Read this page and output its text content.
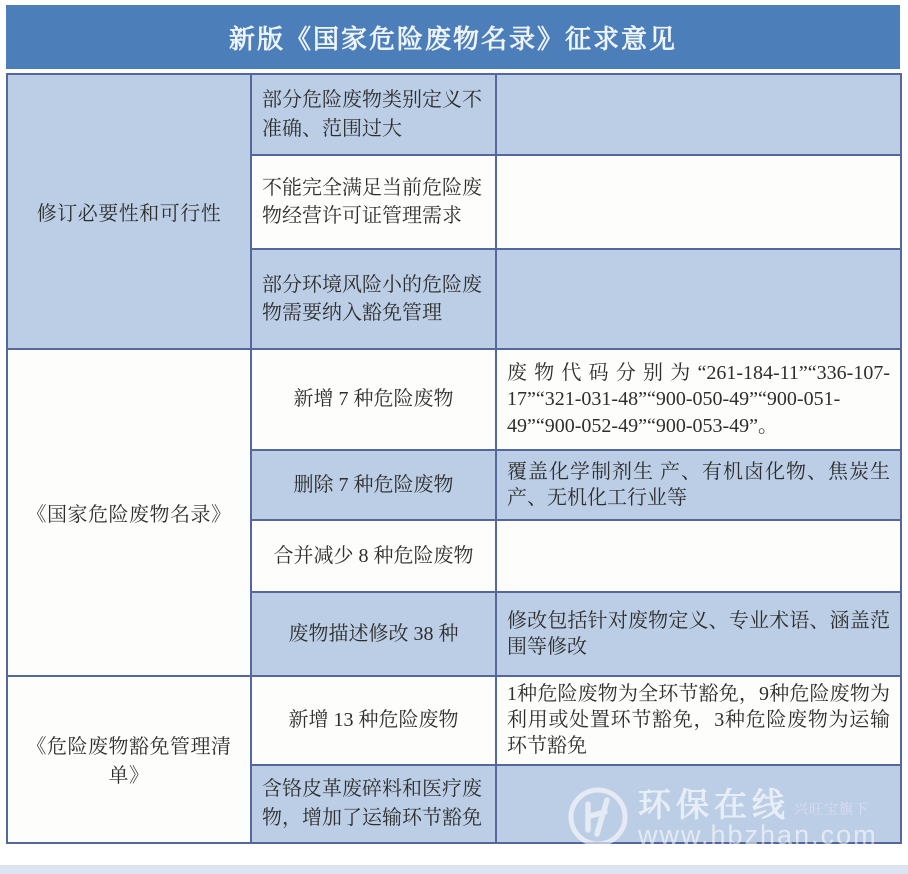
新版《国家危险废物名录》征求意见
修订必要性和可行性	部分危险废物类别定义不准确、范围过大	
	不能完全满足当前危险废物经营许可证管理需求	
	部分环境风险小的危险废物需要纳入豁免管理	
《国家危险废物名录》	新增 7 种危险废物	废物代码分别为“261-184-11”“336-107-17”“321-031-48”“900-050-49”“900-051-49”“900-052-49”“900-053-49”。
	删除 7 种危险废物	覆盖化学制剂生 产、有机卤化物、焦炭生产、无机化工行业等
	合并减少 8 种危险废物	
	废物描述修改 38 种	修改包括针对废物定义、专业术语、涵盖范围等修改
《危险废物豁免管理清单》	新增 13 种危险废物	1种危险废物为全环节豁免，9种危险废物为利用或处置环节豁免，3种危险废物为运输环节豁免
	含铬皮革废碎料和医疗废物，增加了运输环节豁免		环保在线 兴旺宝旗下
www.hbzhan.com
